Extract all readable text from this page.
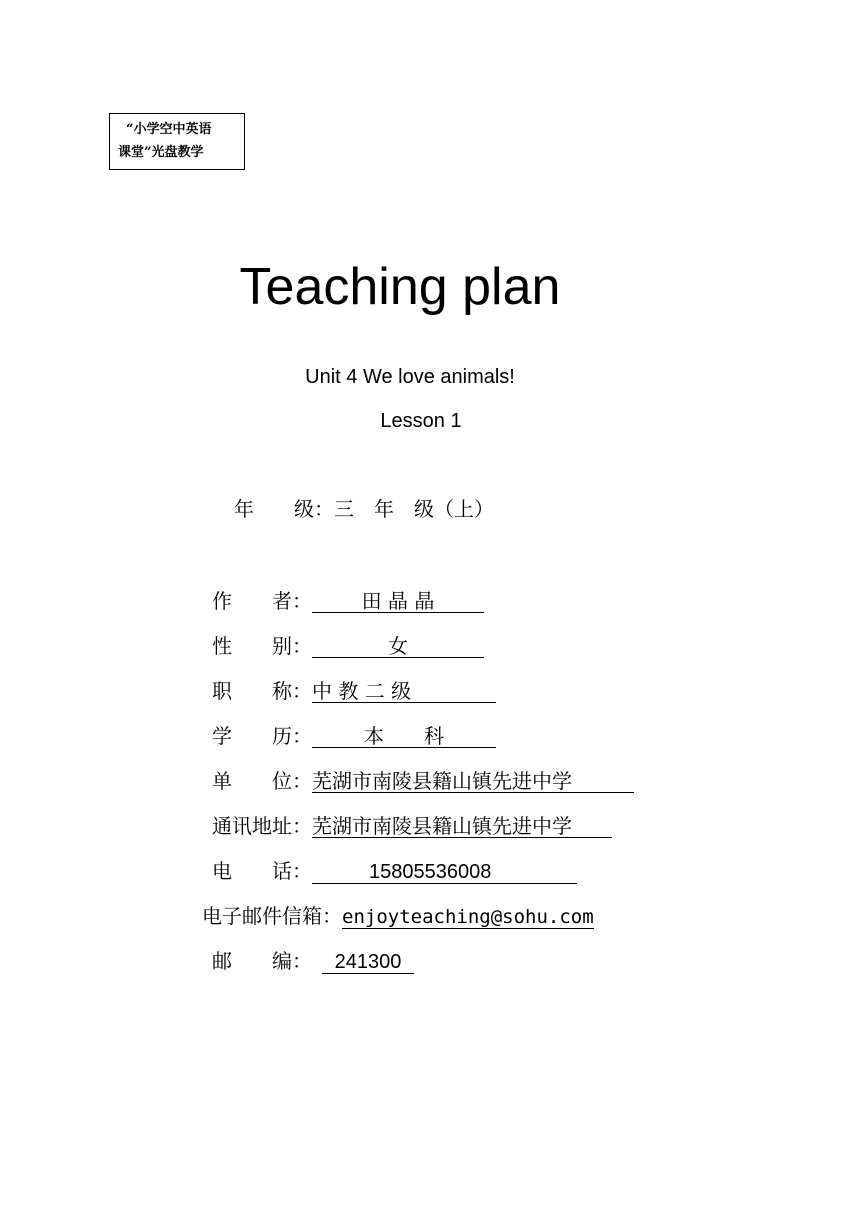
“小学空中英语
课堂”光盘教学
Teaching plan
Unit 4 We love animals!
Lesson 1
年　　级：三　年　级（上）
作　　者： 田 晶 晶
性　　别：	女
职　　称：中 教 二 级
学　　历：	本　　科
单　　位：芜湖市南陵县籍山镇先进中学
通讯地址：芜湖市南陵县籍山镇先进中学
电　　话：	15805536008
电子邮件信箱：enjoyteaching@sohu.com
邮　　编： 241300
